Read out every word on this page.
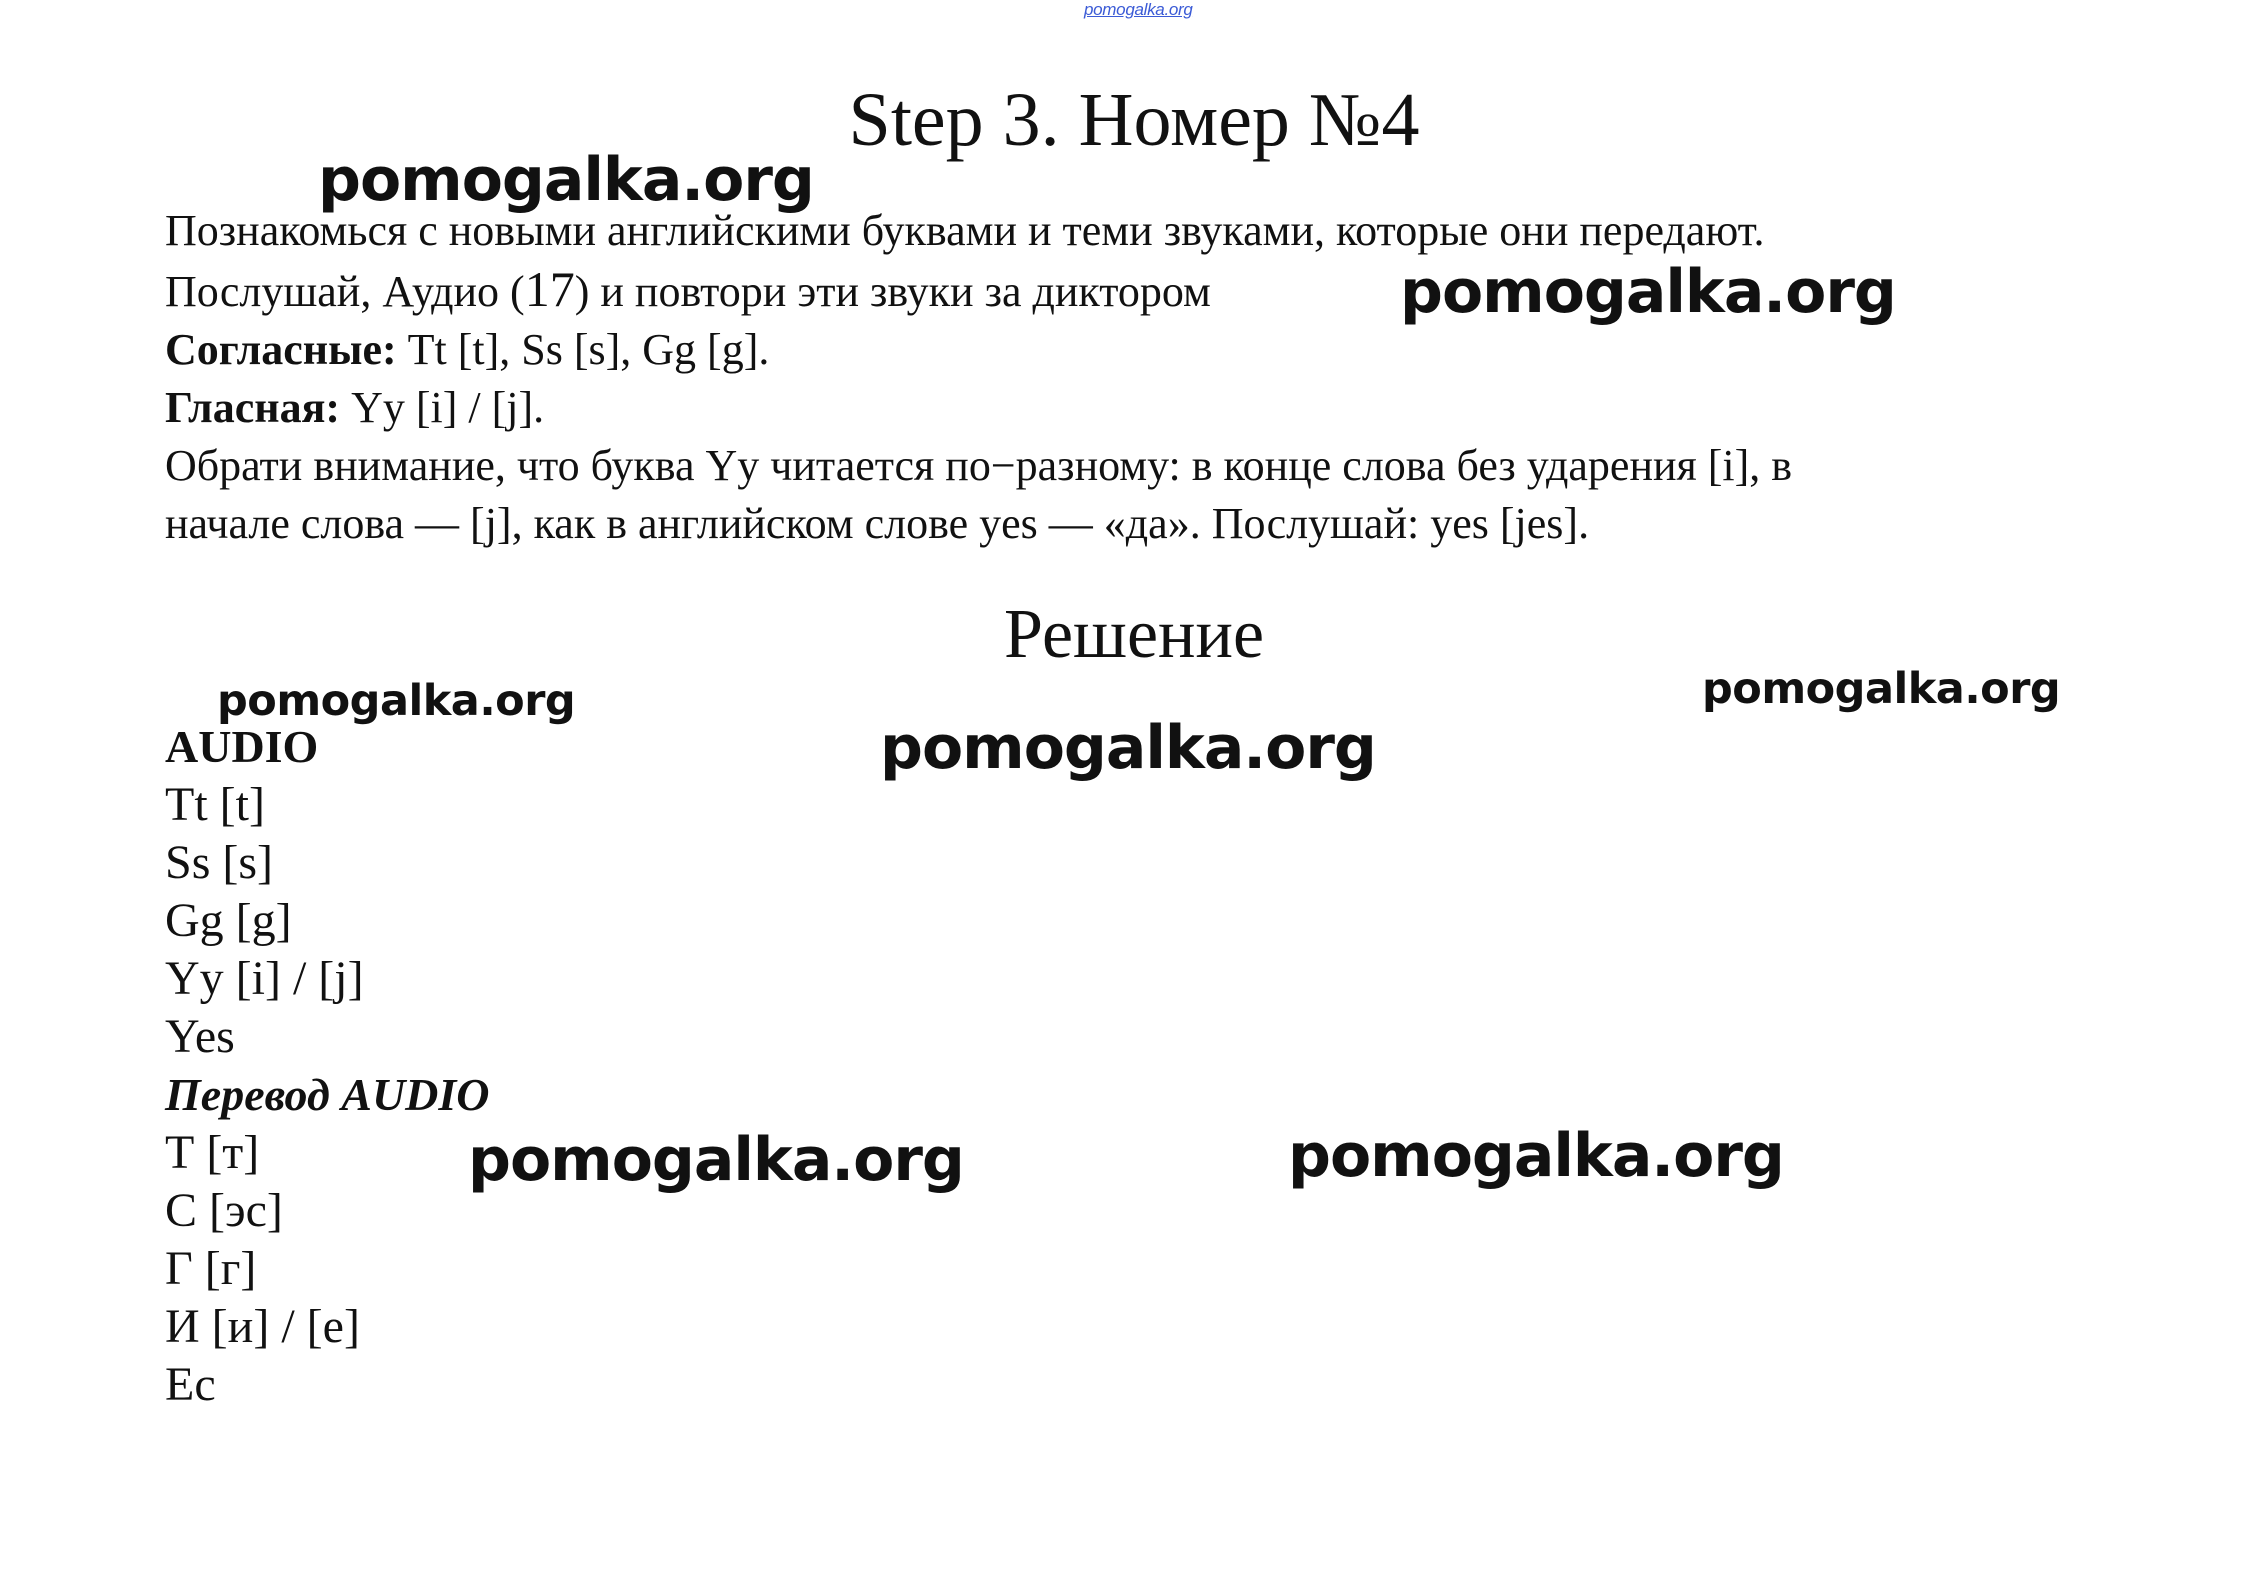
pomogalka.org
Step 3. Номер №4
pomogalka.org
pomogalka.org

Познакомься с новыми английскими буквами и теми звуками, которые они передают.

Послушай, Аудио (17) и повтори эти звуки за диктором

Согласные: Tt [t], Ss [s], Gg [g].

Гласная: Yy [i] / [j].

Обрати внимание, что буква Yy читается по−разному: в конце слова без ударения [i], в

начале слова — [j], как в английском слове yes — «да». Послушай: yes [jes].

Решение
pomogalka.org	pomogalka.org
pomogalka.org
pomogalka.org	pomogalka.org
AUDIO
Tt [t]
Ss [s]
Gg [g]
Yy [i] / [j]
Yes
Перевод AUDIO
Т [т]
С [эс]
Г [г]
И [и] / [е]
Ес
